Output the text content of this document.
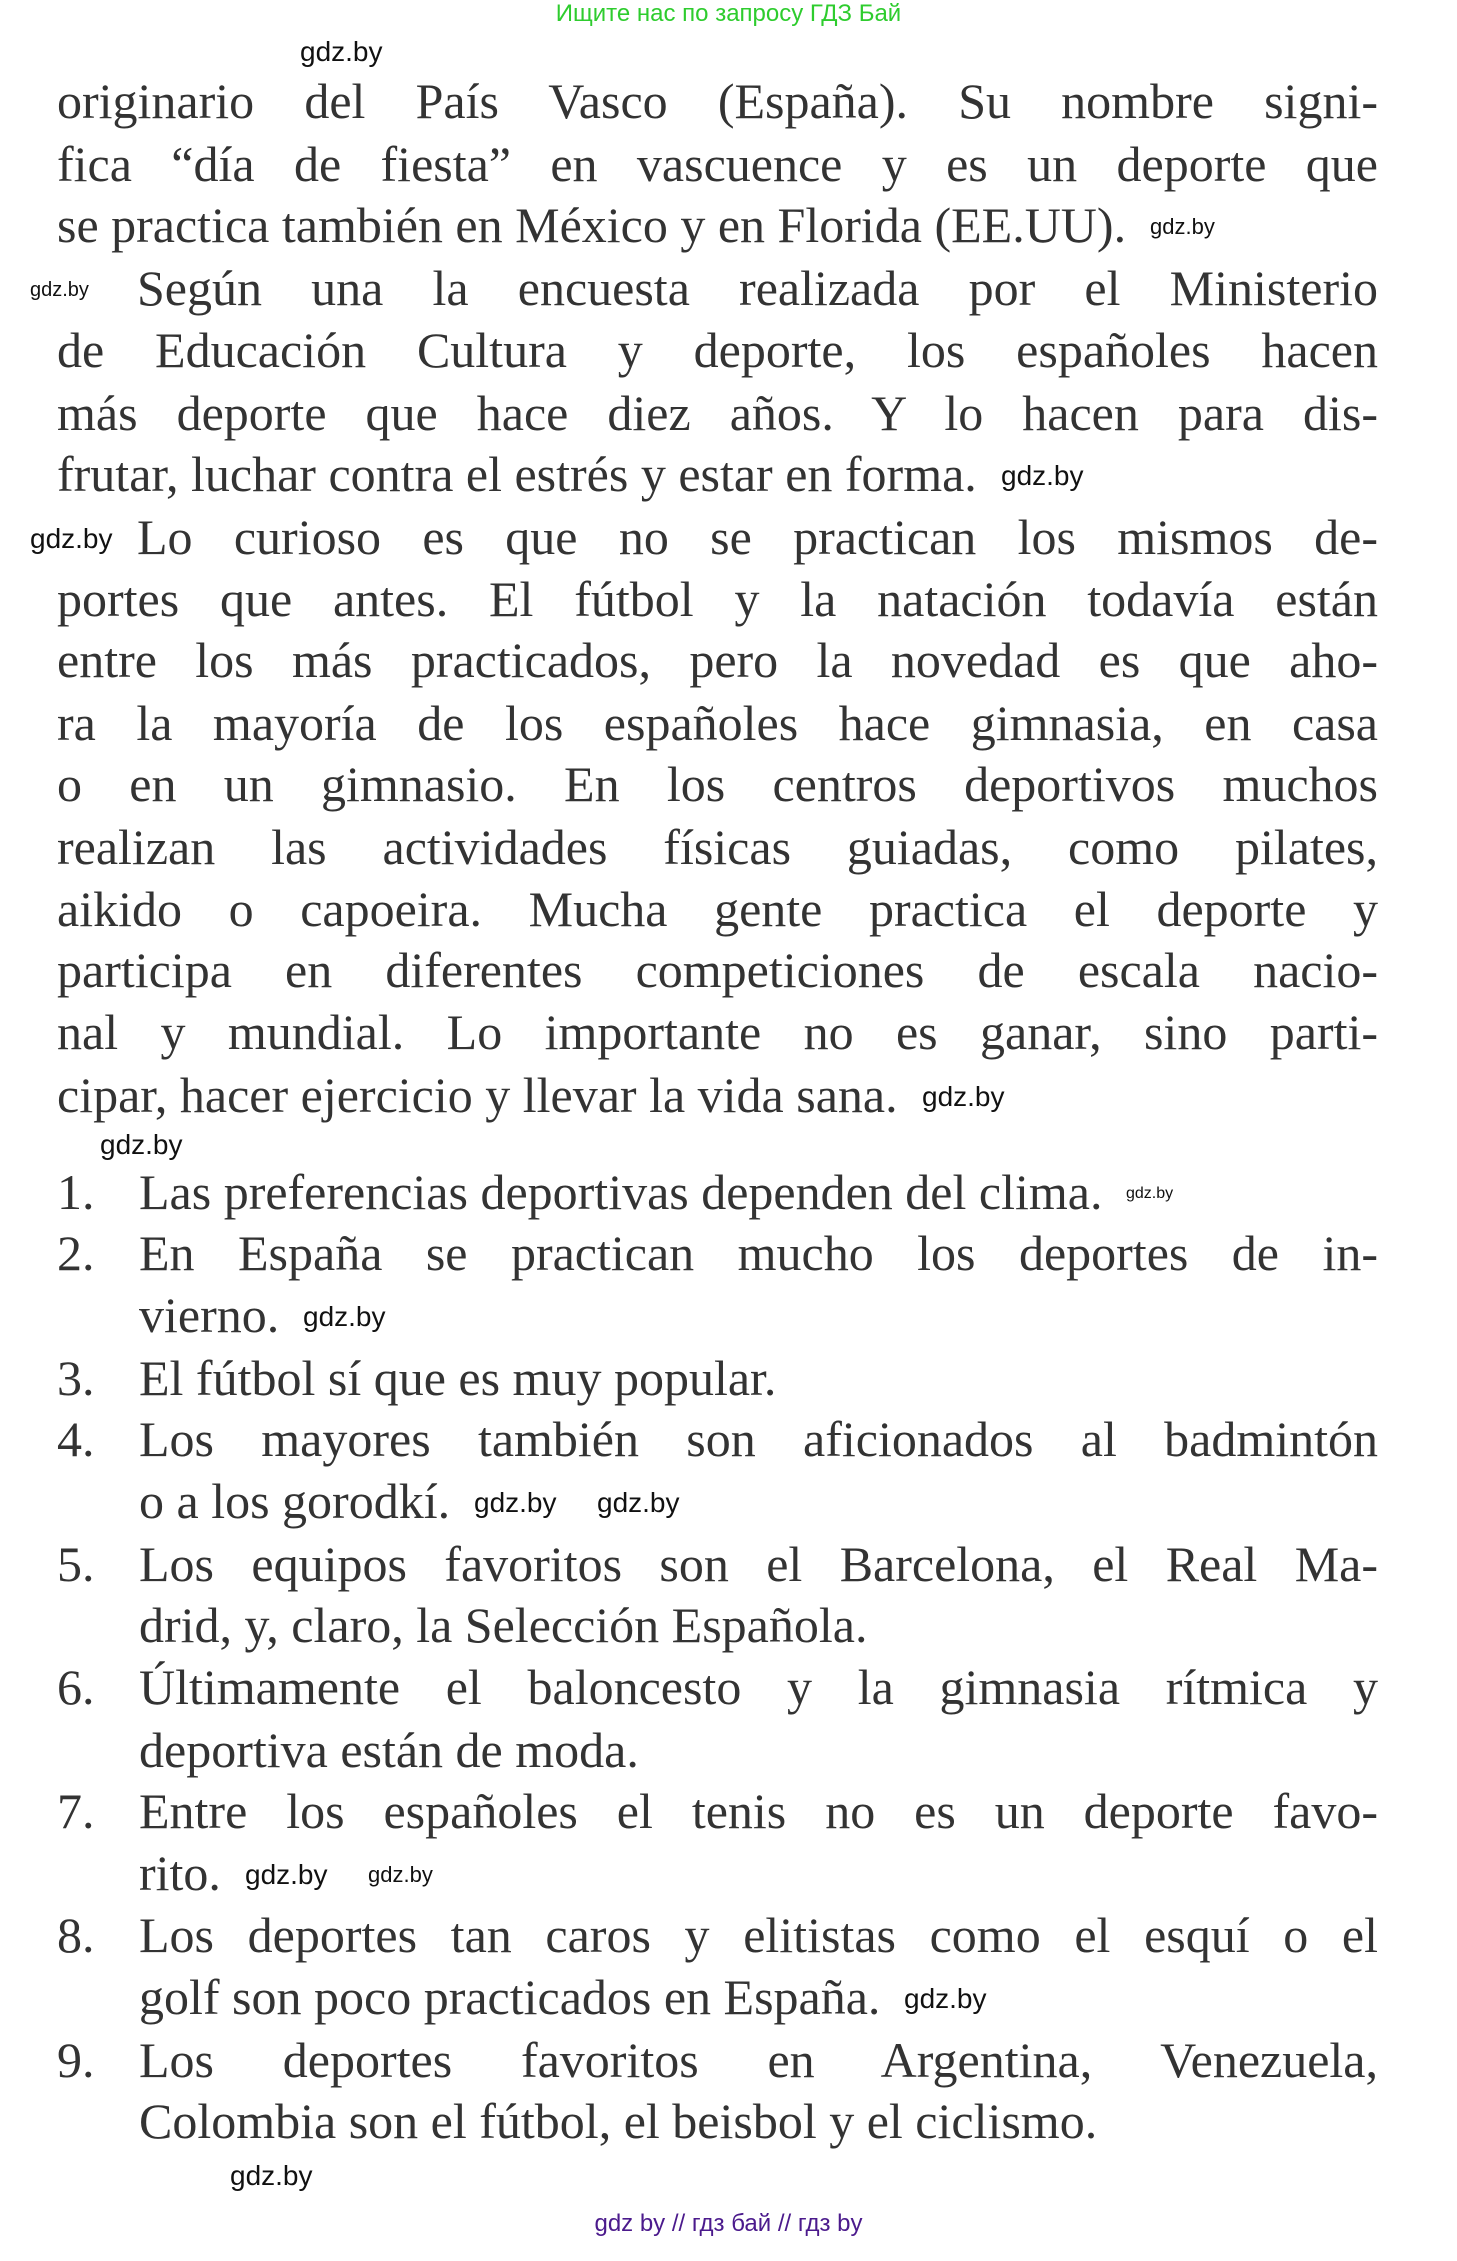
Ищите нас по запросу ГДЗ Бай
originario del País Vasco (España). Su nombre signi-
fica “día de fiesta” en vascuence y es un deporte que
se practica también en México y en Florida (EE.UU).
Según una la encuesta realizada por el Ministerio
de Educación Cultura y deporte, los españoles hacen
más deporte que hace diez años. Y lo hacen para dis-
frutar, luchar contra el estrés y estar en forma.
Lo curioso es que no se practican los mismos de-
portes que antes. El fútbol y la natación todavía están
entre los más practicados, pero la novedad es que aho-
ra la mayoría de los españoles hace gimnasia, en casa
o en un gimnasio. En los centros deportivos muchos
realizan las actividades físicas guiadas, como pilates,
aikido o capoeira. Mucha gente practica el deporte y
participa en diferentes competiciones de escala nacio-
nal y mundial. Lo importante no es ganar, sino parti-
cipar, hacer ejercicio y llevar la vida sana.
1. Las preferencias deportivas dependen del clima.
2. En España se practican mucho los deportes de in-
vierno.
3. El fútbol sí que es muy popular.
4. Los mayores también son aficionados al badmintón
o a los gorodkí.
5. Los equipos favoritos son el Barcelona, el Real Ma-
drid, y, claro, la Selección Española.
6. Últimamente el baloncesto y la gimnasia rítmica y
deportiva están de moda.
7. Entre los españoles el tenis no es un deporte favo-
rito.
8. Los deportes tan caros y elitistas como el esquí o el
golf son poco practicados en España.
9. Los deportes favoritos en Argentina, Venezuela,
Colombia son el fútbol, el beisbol y el ciclismo.
gdz.by
gdz.by
gdz.by
gdz.by
gdz.by
gdz.by
gdz.by
gdz.by
gdz.by
gdz.by gdz.by
gdz.by gdz.by
gdz.by
gdz.by
gdz by // гдз бай // гдз by
